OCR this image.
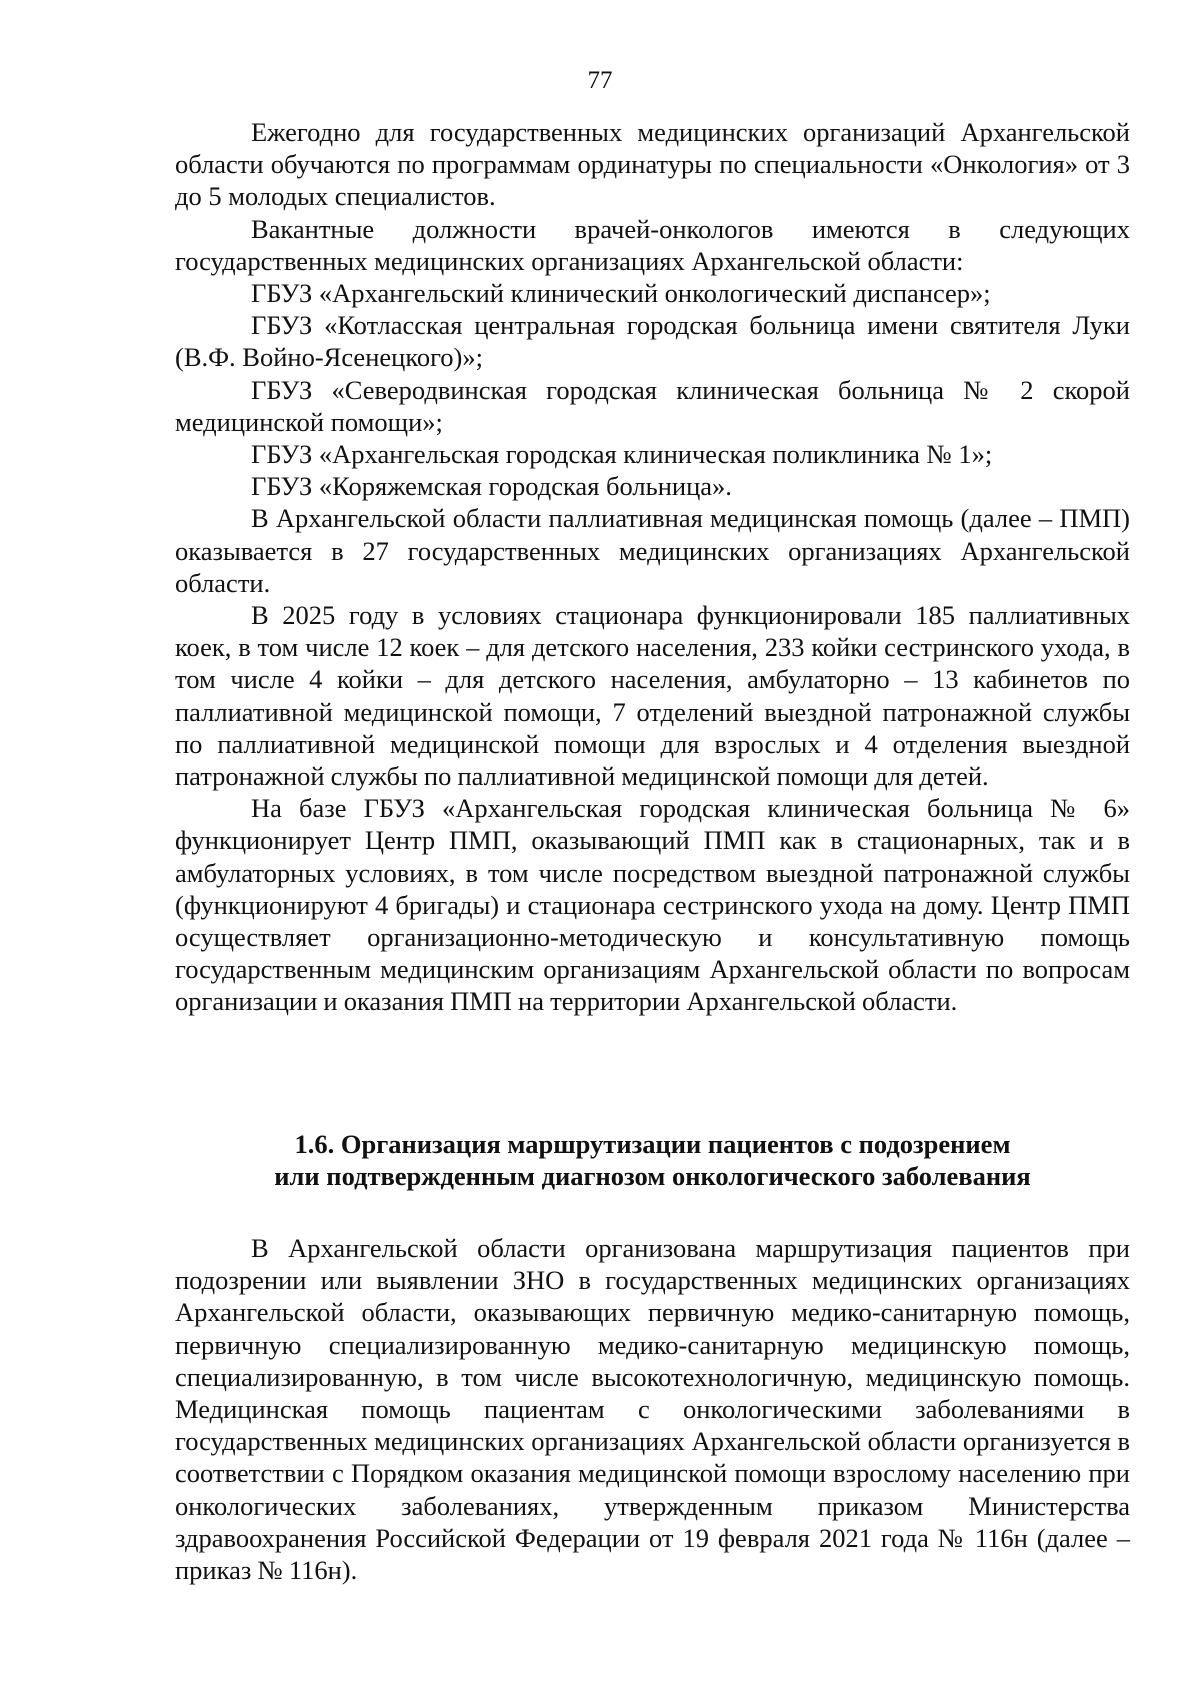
77

Ежегодно для государственных медицинских организаций Архангельской области обучаются по программам ординатуры по специальности «Онкология» от 3 до 5 молодых специалистов.

Вакантные должности врачей-онкологов имеются в следующих государственных медицинских организациях Архангельской области:

ГБУЗ «Архангельский клинический онкологический диспансер»;

ГБУЗ «Котласская центральная городская больница имени святителя Луки (В.Ф. Войно-Ясенецкого)»;

ГБУЗ «Северодвинская городская клиническая больница № 2 скорой медицинской помощи»;

ГБУЗ «Архангельская городская клиническая поликлиника № 1»;

ГБУЗ «Коряжемская городская больница».

В Архангельской области паллиативная медицинская помощь (далее – ПМП) оказывается в 27 государственных медицинских организациях Архангельской области.

В 2025 году в условиях стационара функционировали 185 паллиативных коек, в том числе 12 коек – для детского населения, 233 койки сестринского ухода, в том числе 4 койки – для детского населения, амбулаторно – 13 кабинетов по паллиативной медицинской помощи, 7 отделений выездной патронажной службы по паллиативной медицинской помощи для взрослых и 4 отделения выездной патронажной службы по паллиативной медицинской помощи для детей.

На базе ГБУЗ «Архангельская городская клиническая больница № 6» функционирует Центр ПМП, оказывающий ПМП как в стационарных, так и в амбулаторных условиях, в том числе посредством выездной патронажной службы (функционируют 4 бригады) и стационара сестринского ухода на дому. Центр ПМП осуществляет организационно-методическую и консультативную помощь государственным медицинским организациям Архангельской области по вопросам организации и оказания ПМП на территории Архангельской области.

1.6. Организация маршрутизации пациентов с подозрением
или подтвержденным диагнозом онкологического заболевания

В Архангельской области организована маршрутизация пациентов при подозрении или выявлении ЗНО в государственных медицинских организациях Архангельской области, оказывающих первичную медико-санитарную помощь, первичную специализированную медико-санитарную медицинскую помощь, специализированную, в том числе высокотехнологичную, медицинскую помощь. Медицинская помощь пациентам с онкологическими заболеваниями в государственных медицинских организациях Архангельской области организуется в соответствии с Порядком оказания медицинской помощи взрослому населению при онкологических заболеваниях, утвержденным приказом Министерства здравоохранения Российской Федерации от 19 февраля 2021 года № 116н (далее – приказ № 116н).
